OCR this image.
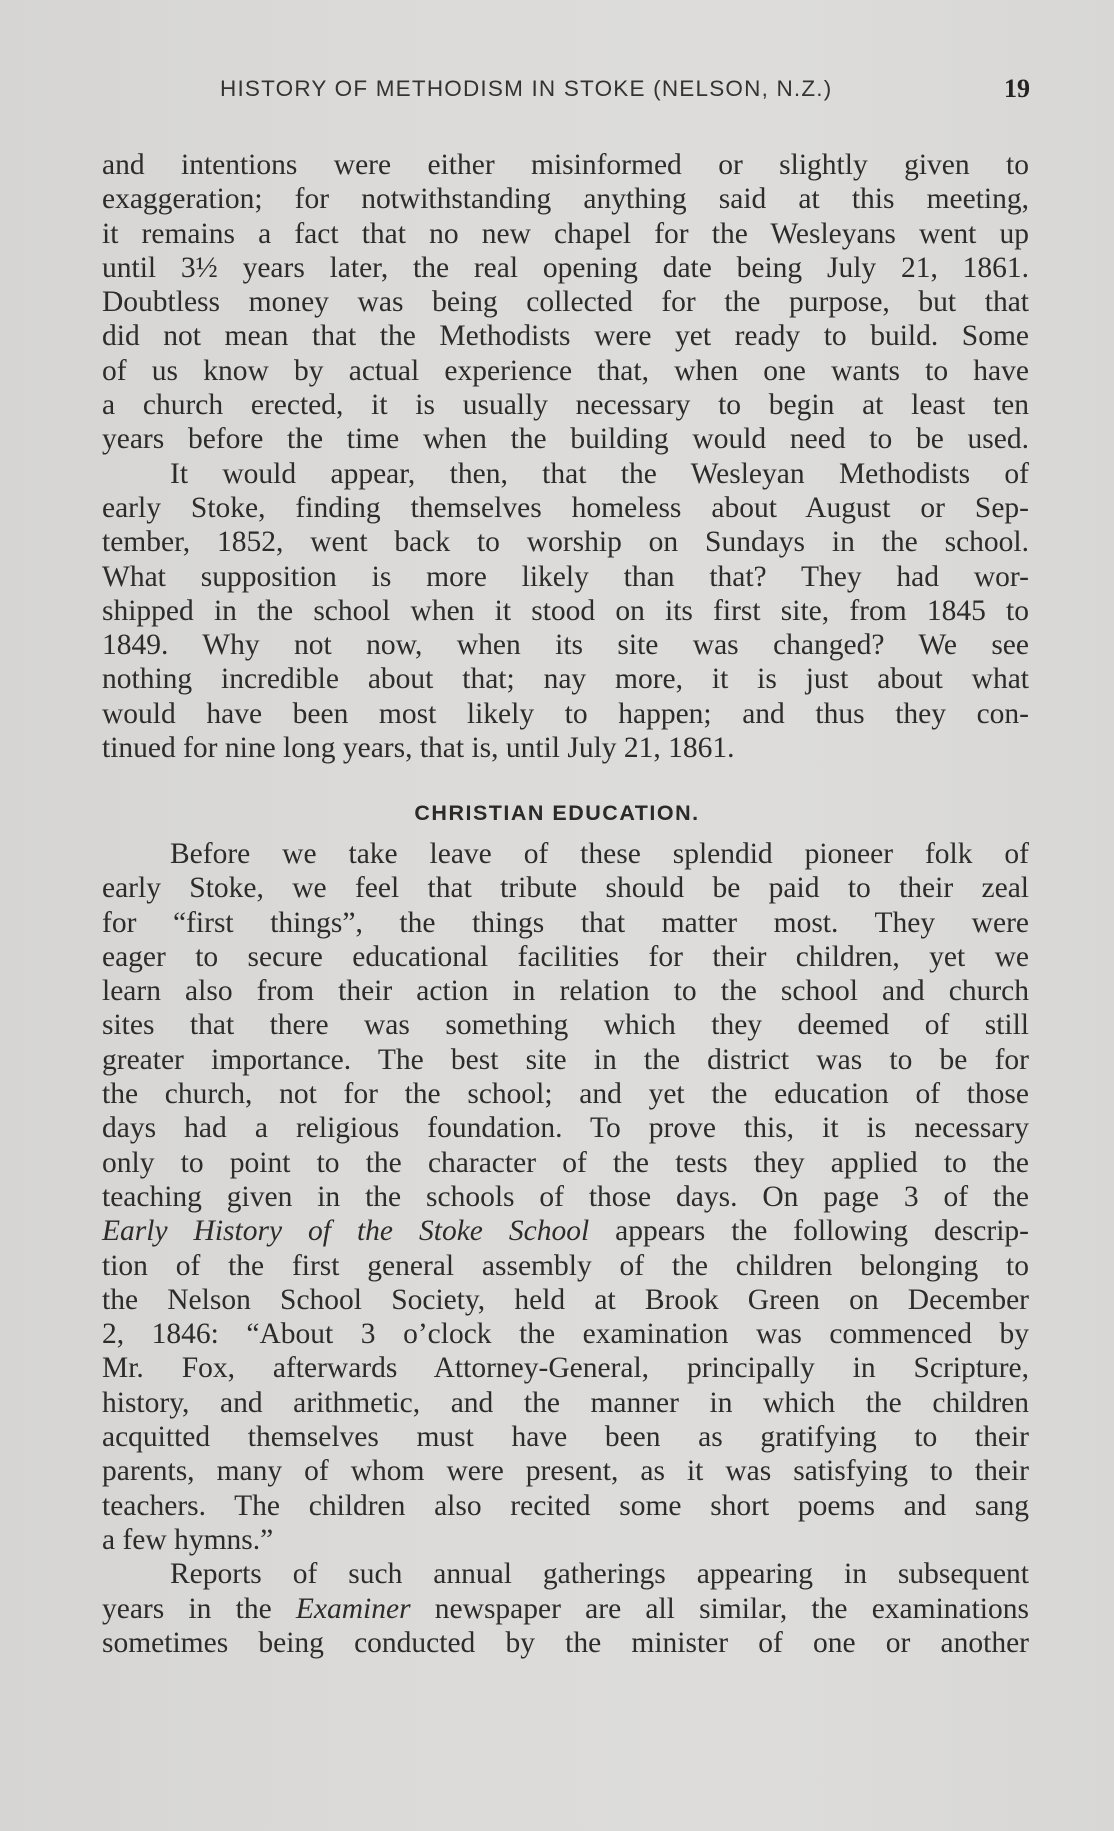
HISTORY OF METHODISM IN STOKE (NELSON, N.Z.)	19
and intentions were either misinformed or slightly given to
exaggeration; for notwithstanding anything said at this meeting,
it remains a fact that no new chapel for the Wesleyans went up
until 3½ years later, the real opening date being July 21, 1861.
Doubtless money was being collected for the purpose, but that
did not mean that the Methodists were yet ready to build. Some
of us know by actual experience that, when one wants to have
a church erected, it is usually necessary to begin at least ten
years before the time when the building would need to be used.
It would appear, then, that the Wesleyan Methodists of
early Stoke, finding themselves homeless about August or Sep-
tember, 1852, went back to worship on Sundays in the school.
What supposition is more likely than that? They had wor-
shipped in the school when it stood on its first site, from 1845 to
1849. Why not now, when its site was changed? We see
nothing incredible about that; nay more, it is just about what
would have been most likely to happen; and thus they con-
tinued for nine long years, that is, until July 21, 1861.
CHRISTIAN EDUCATION.
Before we take leave of these splendid pioneer folk of
early Stoke, we feel that tribute should be paid to their zeal
for “first things”, the things that matter most. They were
eager to secure educational facilities for their children, yet we
learn also from their action in relation to the school and church
sites that there was something which they deemed of still
greater importance. The best site in the district was to be for
the church, not for the school; and yet the education of those
days had a religious foundation. To prove this, it is necessary
only to point to the character of the tests they applied to the
teaching given in the schools of those days. On page 3 of the
Early History of the Stoke School appears the following descrip-
tion of the first general assembly of the children belonging to
the Nelson School Society, held at Brook Green on December
2, 1846: “About 3 o’clock the examination was commenced by
Mr. Fox, afterwards Attorney-General, principally in Scripture,
history, and arithmetic, and the manner in which the children
acquitted themselves must have been as gratifying to their
parents, many of whom were present, as it was satisfying to their
teachers. The children also recited some short poems and sang
a few hymns.”
Reports of such annual gatherings appearing in subsequent
years in the Examiner newspaper are all similar, the examinations
sometimes being conducted by the minister of one or another
